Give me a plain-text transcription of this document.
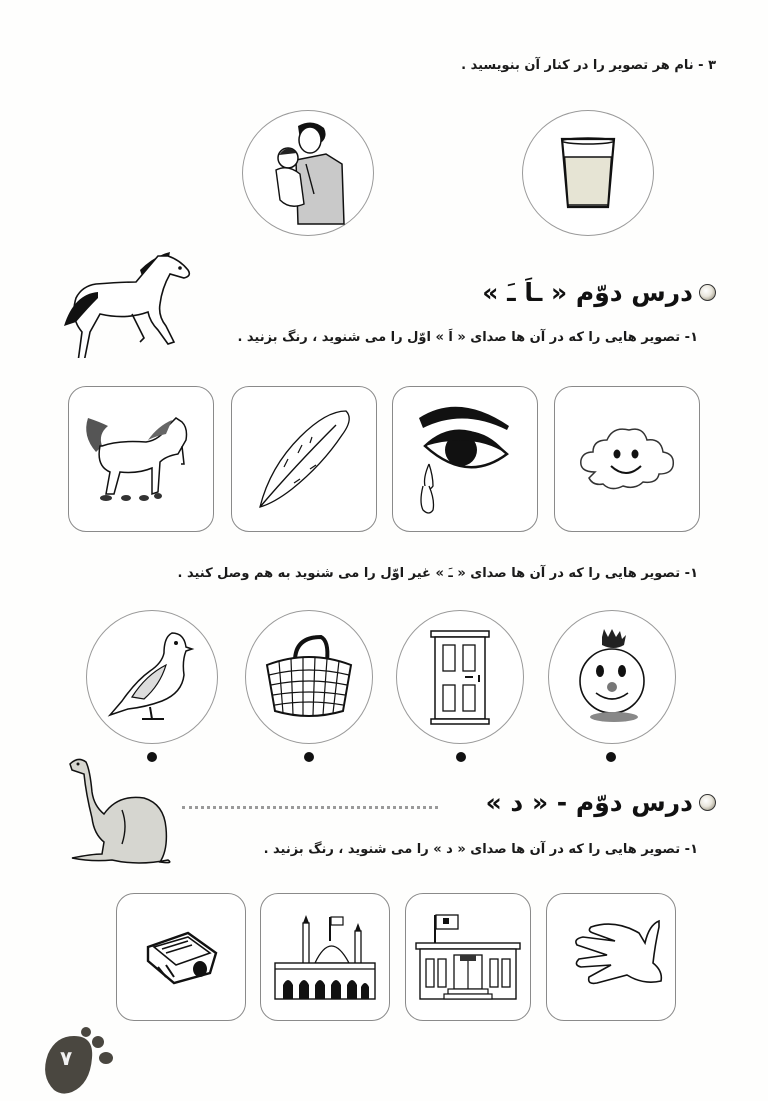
۳ - نام هر تصویر را در کنار آن بنویسید .
درس دوّم « ـاَ ـَ »
۱- تصویر هایی را که در آن ها صدای « اَ » اوّل را می شنوید ، رنگ بزنید .
۱- تصویر هایی را که در آن ها صدای « ـَ » غیر اوّل را می شنوید به هم وصل کنید .
درس دوّم - « د »
۱- تصویر هایی را که در آن ها صدای « د » را می شنوید ، رنگ بزنید .
۷
